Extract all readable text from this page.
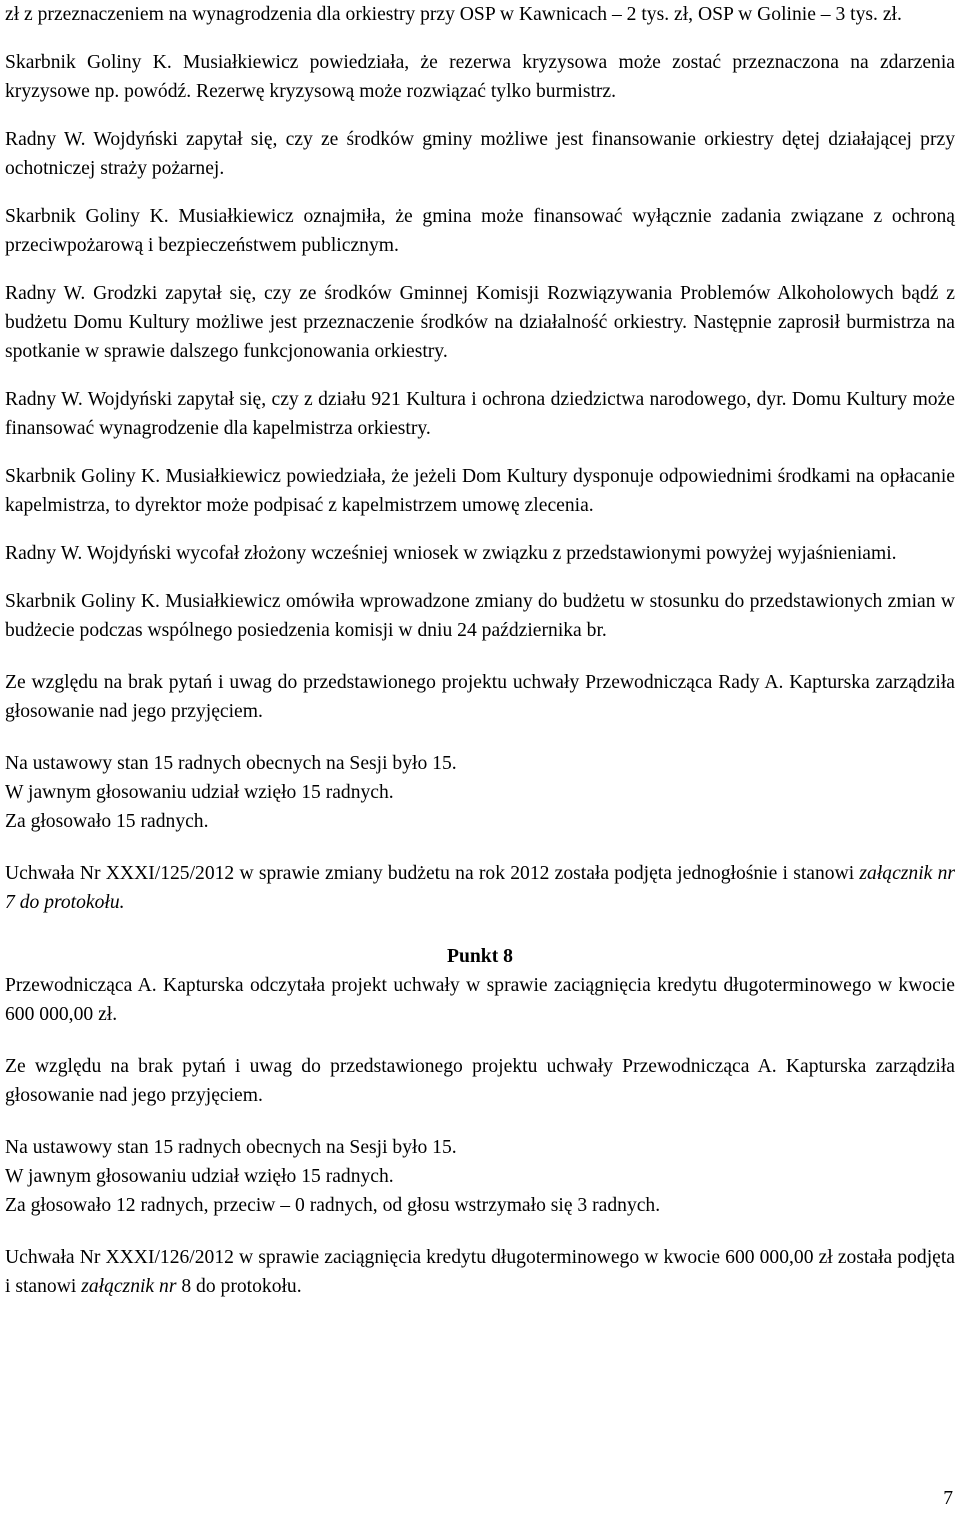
zł z przeznaczeniem na wynagrodzenia dla orkiestry przy OSP w Kawnicach – 2 tys. zł, OSP w Golinie – 3 tys. zł.

Skarbnik Goliny K. Musiałkiewicz powiedziała, że rezerwa kryzysowa może zostać przeznaczona na zdarzenia kryzysowe np. powódź. Rezerwę kryzysową może rozwiązać tylko burmistrz.

Radny W. Wojdyński zapytał się, czy ze środków gminy możliwe jest finansowanie orkiestry dętej działającej przy ochotniczej straży pożarnej.

Skarbnik Goliny K. Musiałkiewicz oznajmiła, że gmina może finansować wyłącznie zadania związane z ochroną przeciwpożarową i bezpieczeństwem publicznym.

Radny W. Grodzki zapytał się, czy ze środków Gminnej Komisji Rozwiązywania Problemów Alkoholowych bądź z budżetu Domu Kultury możliwe jest przeznaczenie środków na działalność orkiestry. Następnie zaprosił burmistrza na spotkanie w sprawie dalszego funkcjonowania orkiestry.

Radny W. Wojdyński zapytał się, czy z działu 921 Kultura i ochrona dziedzictwa narodowego, dyr. Domu Kultury może finansować wynagrodzenie dla kapelmistrza orkiestry.

Skarbnik Goliny K. Musiałkiewicz powiedziała, że jeżeli Dom Kultury dysponuje odpowiednimi środkami na opłacanie kapelmistrza, to dyrektor może podpisać z kapelmistrzem umowę zlecenia.

Radny W. Wojdyński wycofał złożony wcześniej wniosek w związku z przedstawionymi powyżej wyjaśnieniami.

Skarbnik Goliny K. Musiałkiewicz omówiła wprowadzone zmiany do budżetu w stosunku do przedstawionych zmian w budżecie podczas wspólnego posiedzenia komisji w dniu 24 października br.

Ze względu na brak pytań i uwag do przedstawionego projektu uchwały Przewodnicząca Rady A. Kapturska zarządziła głosowanie nad jego przyjęciem.

Na ustawowy stan 15 radnych obecnych na Sesji było 15.

W jawnym głosowaniu udział wzięło 15 radnych.

Za głosowało 15 radnych.

Uchwała Nr XXXI/125/2012 w sprawie zmiany budżetu na rok 2012 została podjęta jednogłośnie i stanowi załącznik nr 7 do protokołu.

Punkt 8

Przewodnicząca A. Kapturska odczytała projekt uchwały w sprawie zaciągnięcia kredytu długoterminowego w kwocie 600 000,00 zł.

Ze względu na brak pytań i uwag do przedstawionego projektu uchwały Przewodnicząca A. Kapturska zarządziła głosowanie nad jego przyjęciem.

Na ustawowy stan 15 radnych obecnych na Sesji było 15.

W jawnym głosowaniu udział wzięło 15 radnych.

Za głosowało 12 radnych, przeciw – 0 radnych, od głosu wstrzymało się 3 radnych.

Uchwała Nr XXXI/126/2012 w sprawie zaciągnięcia kredytu długoterminowego w kwocie 600 000,00 zł została podjęta i stanowi załącznik nr 8 do protokołu.

7
